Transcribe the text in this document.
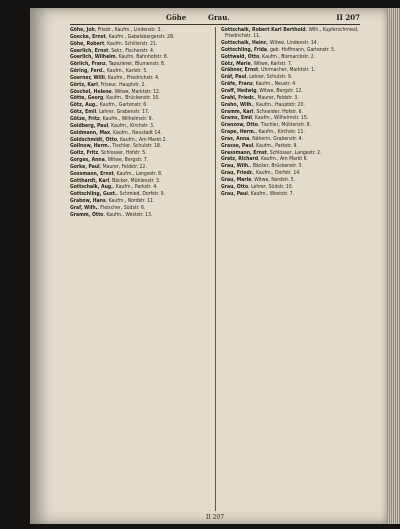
Göhe	Grau.	II 207
Göhe, Joh, Friedr., Kaufm., Lindenstr. 3.
Goecke, Ernst, Kaufm., Gabelsbergerstr. 28.
Göhe, Robert, Kaufm. Schillerstr. 21.
Goerlich, Ernst, Sekr., Fischerstr. 4.
Goerlich, Wilhelm, Kaufm. Bahnhofstr. 8.
Görlich, Franz, Tapezierer, Blumenstr. 8.
Göring, Ferd., Kaufm., Karlstr. 5.
Goerner, Willi, Kaufm., Friedrichstr. 4.
Görtz, Karl, Friseur, Hauptstr. 2.
Göschel, Helene, Witwe, Marktstr. 12.
Götte, Georg, Kaufm., Brückenstr. 10.
Götz, Aug., Kaufm., Gartenstr. 6.
Götz, Emil, Lehrer, Grabenstr. 17.
Götze, Fritz, Kaufm., Wilhelmstr. 9.
Goldberg, Paul, Kaufm., Kirchstr. 3.
Goldmann, Max, Kaufm., Neustadt 14.
Goldschmidt, Otto, Kaufm., Am Markt 2.
Gollnow, Herm., Tischler, Schulstr. 18.
Goltz, Fritz, Schlosser, Hofstr. 5.
Gorges, Anna, Witwe, Bergstr. 7.
Gorke, Paul, Maurer, Feldstr. 22.
Gossmann, Ernst, Kaufm., Langestr. 8.
Gotthardt, Karl, Bäcker, Mühlenstr. 3.
Gottschalk, Aug., Kaufm., Parkstr. 4.
Gottschling, Gust., Schmied, Dorfstr. 9.
Grabow, Hans, Kaufm., Nordstr. 11.
Graf, Wilh., Fleischer, Südstr. 6.
Gramm, Otto, Kaufm., Weststr. 13.
Gottschalk, Robert Karl Berthold, Wilh., Kupferschmied, Friedrichstr. 11.
Gottschalk, Heinr., Witwe, Lindenstr. 14.
Gottschling, Frida, geb. Hoffmann, Gartenstr. 5.
Gottwald, Otto, Kaufm., Bismarckstr. 2.
Götz, Marie, Witwe, Karlstr. 7.
Gräbner, Ernst, Uhrmacher, Marktstr. 1.
Gräf, Paul, Lehrer, Schulstr. 9.
Gräfe, Franz, Kaufm., Neustr. 4.
Graff, Hedwig, Witwe, Bergstr. 12.
Grahl, Friedr., Maurer, Feldstr. 3.
Grahn, Wilh., Kaufm., Hauptstr. 20.
Gramm, Karl, Schneider, Hofstr. 6.
Grams, Emil, Kaufm., Wilhelmstr. 15.
Granzow, Otto, Tischler, Mühlenstr. 8.
Grape, Herm., Kaufm., Kirchstr. 11.
Gras, Anna, Näherin, Grabenstr. 4.
Grasse, Paul, Kaufm., Parkstr. 9.
Grassmann, Ernst, Schlosser, Langestr. 2.
Gratz, Richard, Kaufm., Am Markt 6.
Grau, Wilh., Bäcker, Brückenstr. 3.
Grau, Friedr., Kaufm., Dorfstr. 14.
Grau, Marie, Witwe, Nordstr. 5.
Grau, Otto, Lehrer, Südstr. 10.
Grau, Paul, Kaufm., Weststr. 7.
II 207
